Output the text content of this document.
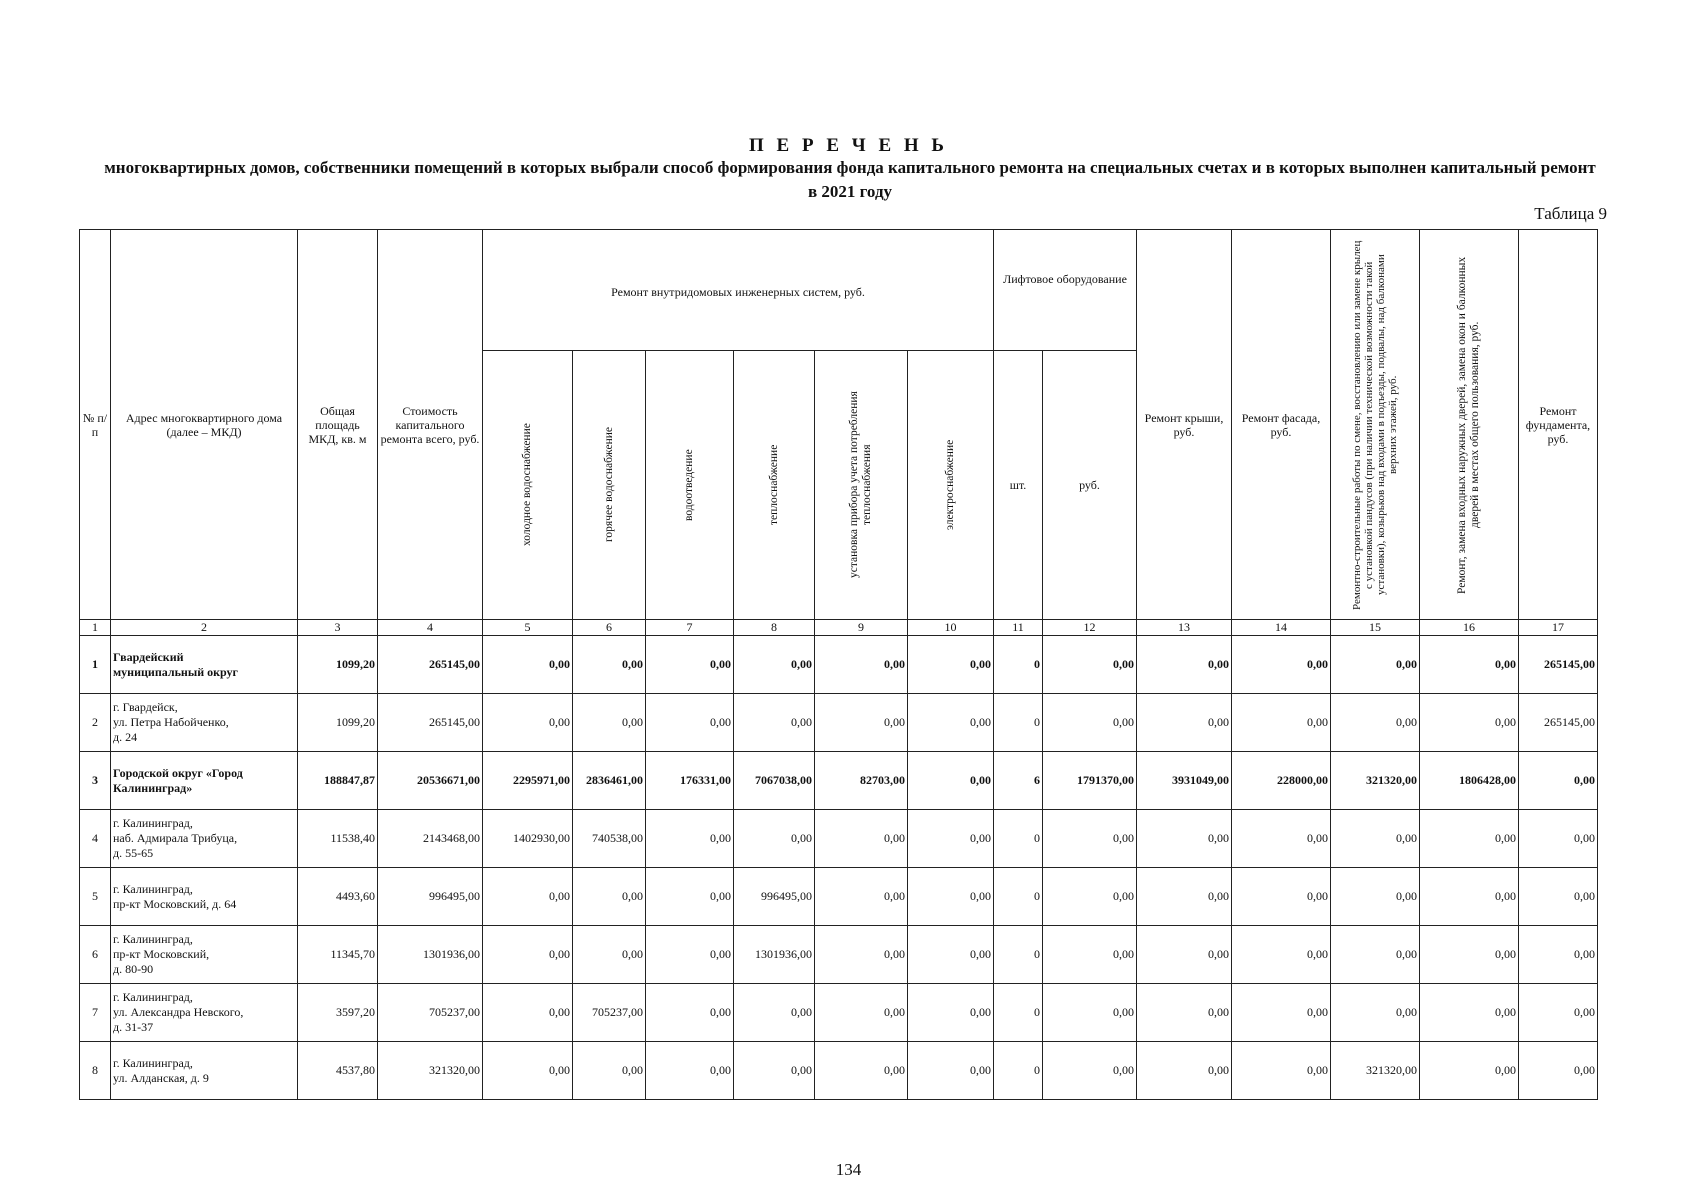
П Е Р Е Ч Е Н Ь
многоквартирных домов, собственники помещений в которых выбрали способ формирования фонда капитального ремонта на специальных счетах и в которых выполнен капитальный ремонт в 2021 году
Таблица 9
№ п/п	Адрес многоквартирного дома (далее – МКД)	Общая площадь МКД, кв. м	Стоимость капитального ремонта всего, руб.	Ремонт внутридомовых инженерных систем, руб.						Лифтовое оборудование		Ремонт крыши, руб.	Ремонт фасада, руб.	Ремонтно-строительные работы по смене, восстановлению или замене крылец с установкой пандусов (при наличии технической возможности такой установки), козырьков над входами в подъезды, подвалы, над балконами верхних этажей, руб.	Ремонт, замена входных наружных дверей, замена окон и балконных дверей в местах общего пользования, руб.	Ремонт фундамента, руб.

				холодное водоснабжение	горячее водоснабжение	водоотведение	теплоснабжение	установка прибора учета потребления теплоснабжения	электроснабжение	шт.	руб.					
1	2	3	4	5	6	7	8	9	10	11	12	13	14	15	16	17
1	Гвардейский
муниципальный округ	1099,20	265145,00	0,00	0,00	0,00	0,00	0,00	0,00	0	0,00	0,00	0,00	0,00	0,00	265145,00
2	г. Гвардейск,
ул. Петра Набойченко,
д. 24	1099,20	265145,00	0,00	0,00	0,00	0,00	0,00	0,00	0	0,00	0,00	0,00	0,00	0,00	265145,00
3	Городской округ «Город
Калининград»	188847,87	20536671,00	2295971,00	2836461,00	176331,00	7067038,00	82703,00	0,00	6	1791370,00	3931049,00	228000,00	321320,00	1806428,00	0,00
4	г. Калининград,
наб. Адмирала Трибуца,
д. 55-65	11538,40	2143468,00	1402930,00	740538,00	0,00	0,00	0,00	0,00	0	0,00	0,00	0,00	0,00	0,00	0,00
5	г. Калининград,
пр-кт Московский, д. 64	4493,60	996495,00	0,00	0,00	0,00	996495,00	0,00	0,00	0	0,00	0,00	0,00	0,00	0,00	0,00
6	г. Калининград,
пр-кт Московский,
д. 80-90	11345,70	1301936,00	0,00	0,00	0,00	1301936,00	0,00	0,00	0	0,00	0,00	0,00	0,00	0,00	0,00
7	г. Калининград,
ул. Александра Невского,
д. 31-37	3597,20	705237,00	0,00	705237,00	0,00	0,00	0,00	0,00	0	0,00	0,00	0,00	0,00	0,00	0,00
8	г. Калининград,
ул. Алданская, д. 9	4537,80	321320,00	0,00	0,00	0,00	0,00	0,00	0,00	0	0,00	0,00	0,00	321320,00	0,00	0,00
134
